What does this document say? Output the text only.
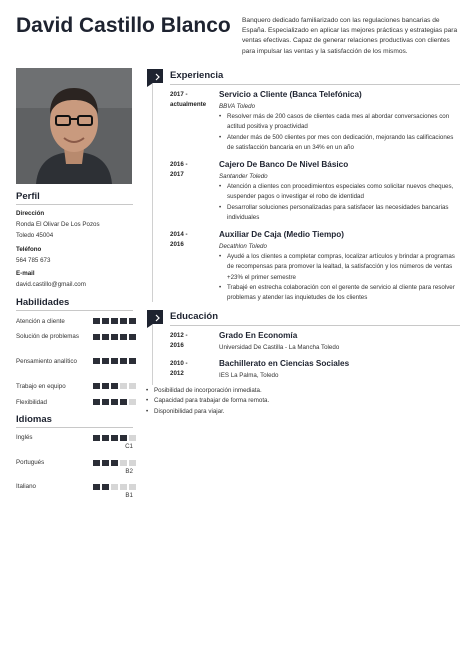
David Castillo Blanco Banquero dedicado familiarizado con las regulaciones bancarias de España. Especializado en aplicar las mejores prácticas y estrategias para ventas efectivas. Capaz de generar relaciones productivas con clientes para impulsar las ventas y la satisfacción de los mismos.
Perfil
Dirección
Ronda El Olivar De Los Pozos
Toledo 45004
Teléfono
564 785 673
E-mail
david.castillo@gmail.com
Habilidades
Atención a cliente
Solución de problemas
Pensamiento analítico
Trabajo en equipo
Flexibilidad
Idiomas
Inglés
C1
Portugués
B2
Italiano
B1
Experiencia
2017 -
actualmente
Servicio a Cliente (Banca Telefónica)
BBVA Toledo
• Resolver más de 200 casos de clientes cada mes al abordar conversaciones con actitud positiva y proactividad
• Atender más de 500 clientes por mes con dedicación, mejorando las calificaciones de satisfacción bancaria en un 34% en un año
2016 -
2017
Cajero De Banco De Nivel Básico
Santander Toledo
• Atención a clientes con procedimientos especiales como solicitar nuevos cheques, suspender pagos o investigar el robo de identidad
• Desarrollar soluciones personalizadas para satisfacer las necesidades bancarias individuales
2014 -
2016
Auxiliar De Caja (Medio Tiempo)
Decathlon Toledo
• Ayudé a los clientes a completar compras, localizar artículos y brindar a programas de recompensas para promover la lealtad, la satisfacción y los números de ventas +23% el primer semestre
• Trabajé en estrecha colaboración con el gerente de servicio al cliente para resolver problemas y atender las inquietudes de los clientes
Educación
2012 -
2016
Grado En Economía
Universidad De Castilla - La Mancha Toledo
2010 -
2012
Bachillerato en Ciencias Sociales
IES La Palma, Toledo
• Posibilidad de incorporación inmediata.
• Capacidad para trabajar de forma remota.
• Disponibilidad para viajar.
